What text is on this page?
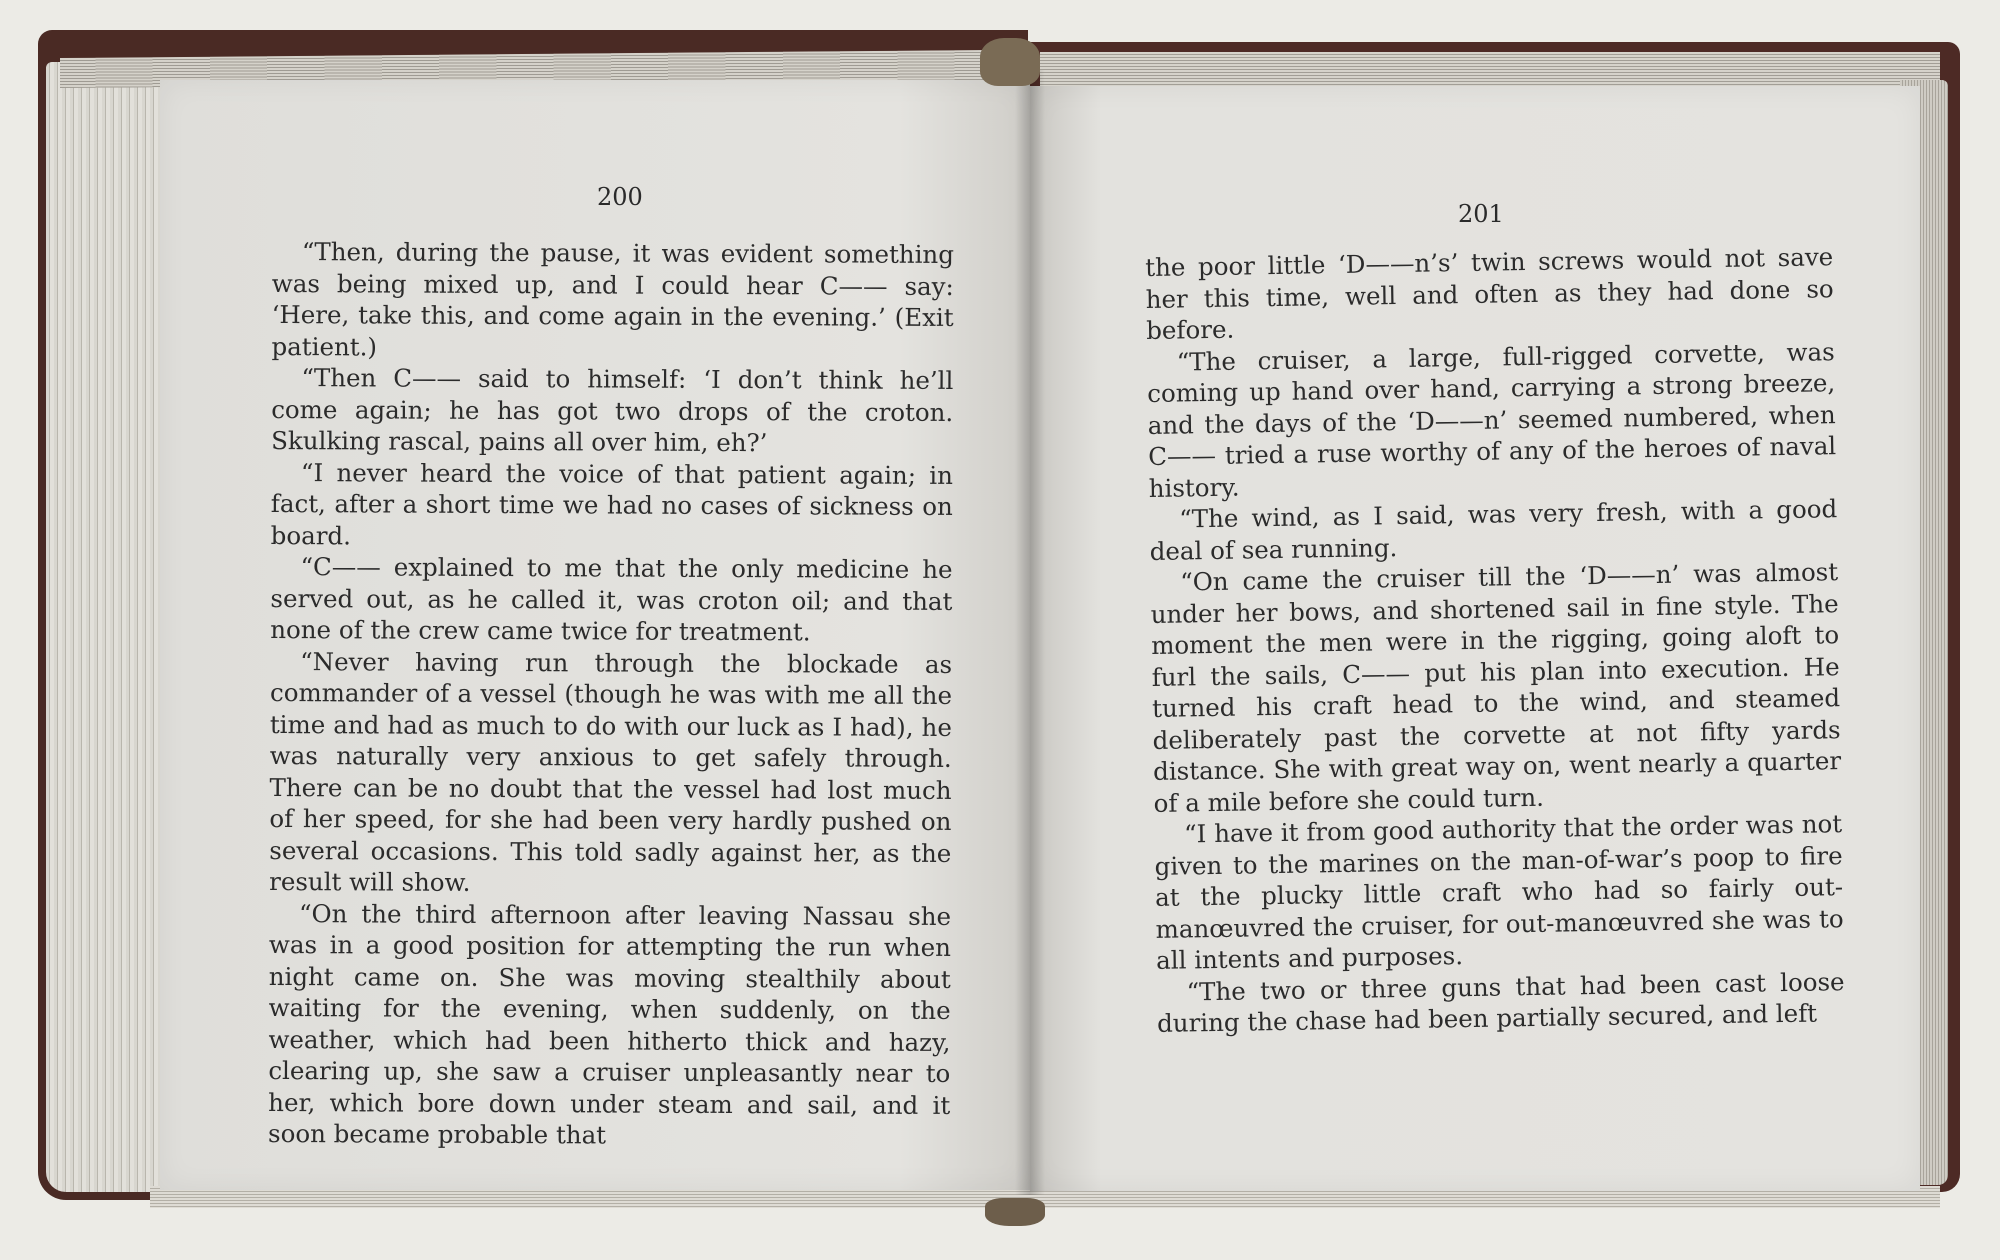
200
201

“Then, during the pause, it was evident something was being mixed up, and I could hear C—— say: ‘Here, take this, and come again in the evening.’ (Exit patient.)

“Then C—— said to himself: ‘I don’t think he’ll come again; he has got two drops of the croton. Skulking rascal, pains all over him, eh?’

“I never heard the voice of that patient again; in fact, after a short time we had no cases of sickness on board.

“C—— explained to me that the only medicine he served out, as he called it, was croton oil; and that none of the crew came twice for treatment.

“Never having run through the blockade as commander of a vessel (though he was with me all the time and had as much to do with our luck as I had), he was naturally very anxious to get safely through. There can be no doubt that the vessel had lost much of her speed, for she had been very hardly pushed on several occasions. This told sadly against her, as the result will show.

“On the third afternoon after leaving Nassau she was in a good position for attempting the run when night came on. She was moving stealthily about waiting for the evening, when suddenly, on the weather, which had been hitherto thick and hazy, clearing up, she saw a cruiser unpleasantly near to her, which bore down under steam and sail, and it soon became probable that

the poor little ‘D——n’s’ twin screws would not save her this time, well and often as they had done so before.

“The cruiser, a large, full-rigged corvette, was coming up hand over hand, carrying a strong breeze, and the days of the ‘D——n’ seemed numbered, when C—— tried a ruse worthy of any of the heroes of naval history.

“The wind, as I said, was very fresh, with a good deal of sea running.

“On came the cruiser till the ‘D——n’ was almost under her bows, and shortened sail in fine style. The moment the men were in the rigging, going aloft to furl the sails, C—— put his plan into execution. He turned his craft head to the wind, and steamed deliberately past the corvette at not fifty yards distance. She with great way on, went nearly a quarter of a mile before she could turn.

“I have it from good authority that the order was not given to the marines on the man-of-war’s poop to fire at the plucky little craft who had so fairly out-manœuvred the cruiser, for out-manœuvred she was to all intents and purposes.

“The two or three guns that had been cast loose during the chase had been partially secured, and left
